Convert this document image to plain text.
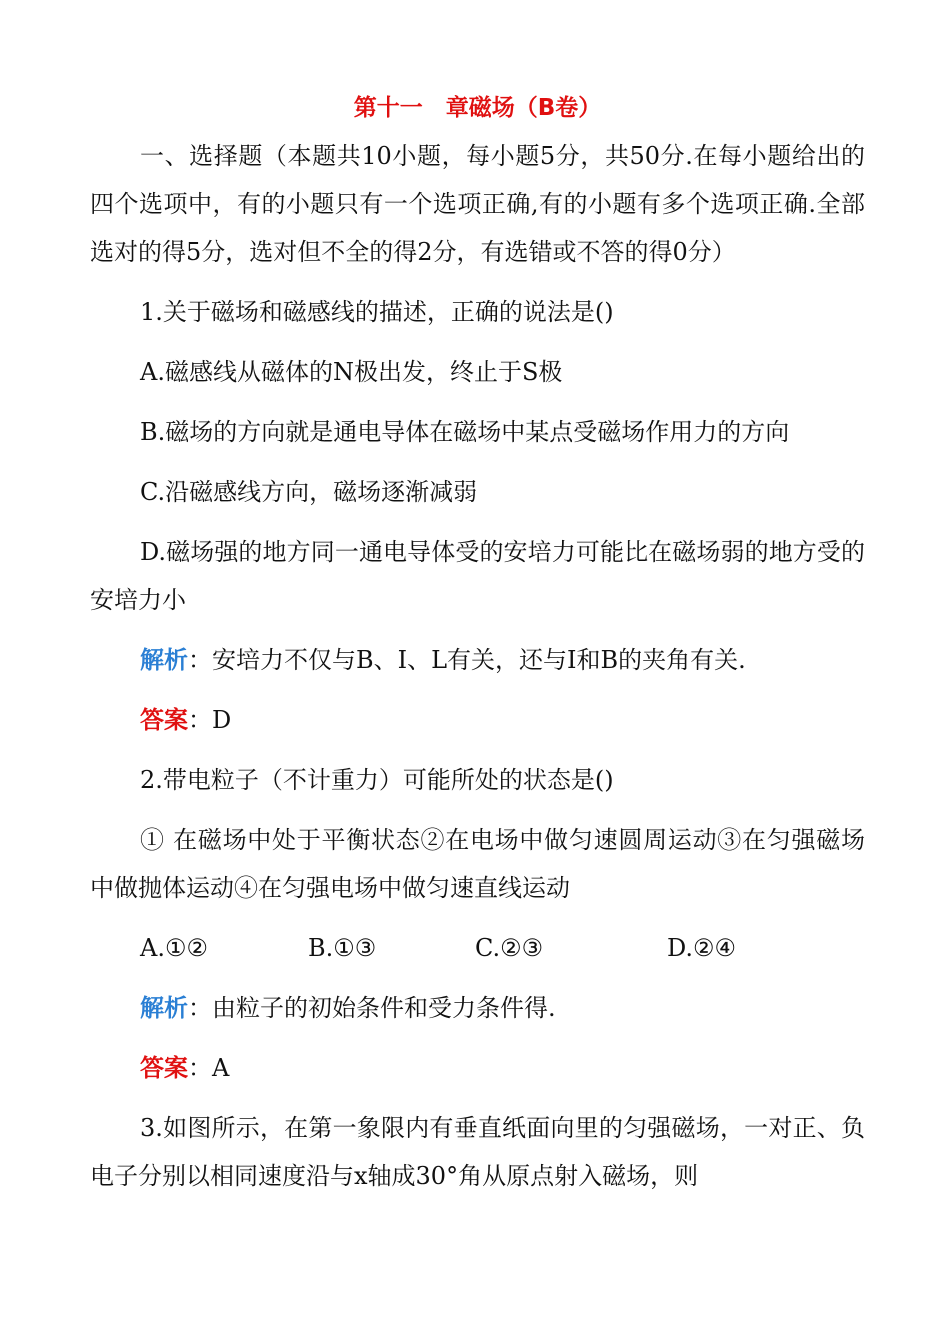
第十一　章磁场（B卷）

一、选择题（本题共10小题，每小题5分，共50分.在每小题给出的四个选项中，有的小题只有一个选项正确,有的小题有多个选项正确.全部选对的得5分，选对但不全的得2分，有选错或不答的得0分）

1.关于磁场和磁感线的描述，正确的说法是()

A.磁感线从磁体的N极出发，终止于S极

B.磁场的方向就是通电导体在磁场中某点受磁场作用力的方向

C.沿磁感线方向，磁场逐渐减弱

D.磁场强的地方同一通电导体受的安培力可能比在磁场弱的地方受的安培力小

解析：安培力不仅与B、I、L有关，还与I和B的夹角有关.

答案：D

2.带电粒子（不计重力）可能所处的状态是()

① 在磁场中处于平衡状态②在电场中做匀速圆周运动③在匀强磁场中做抛体运动④在匀强电场中做匀速直线运动

A.①②	B.①③	C.②③	D.②④

解析：由粒子的初始条件和受力条件得.

答案：A

3.如图所示，在第一象限内有垂直纸面向里的匀强磁场，一对正、负电子分别以相同速度沿与x轴成30°角从原点射入磁场，则
